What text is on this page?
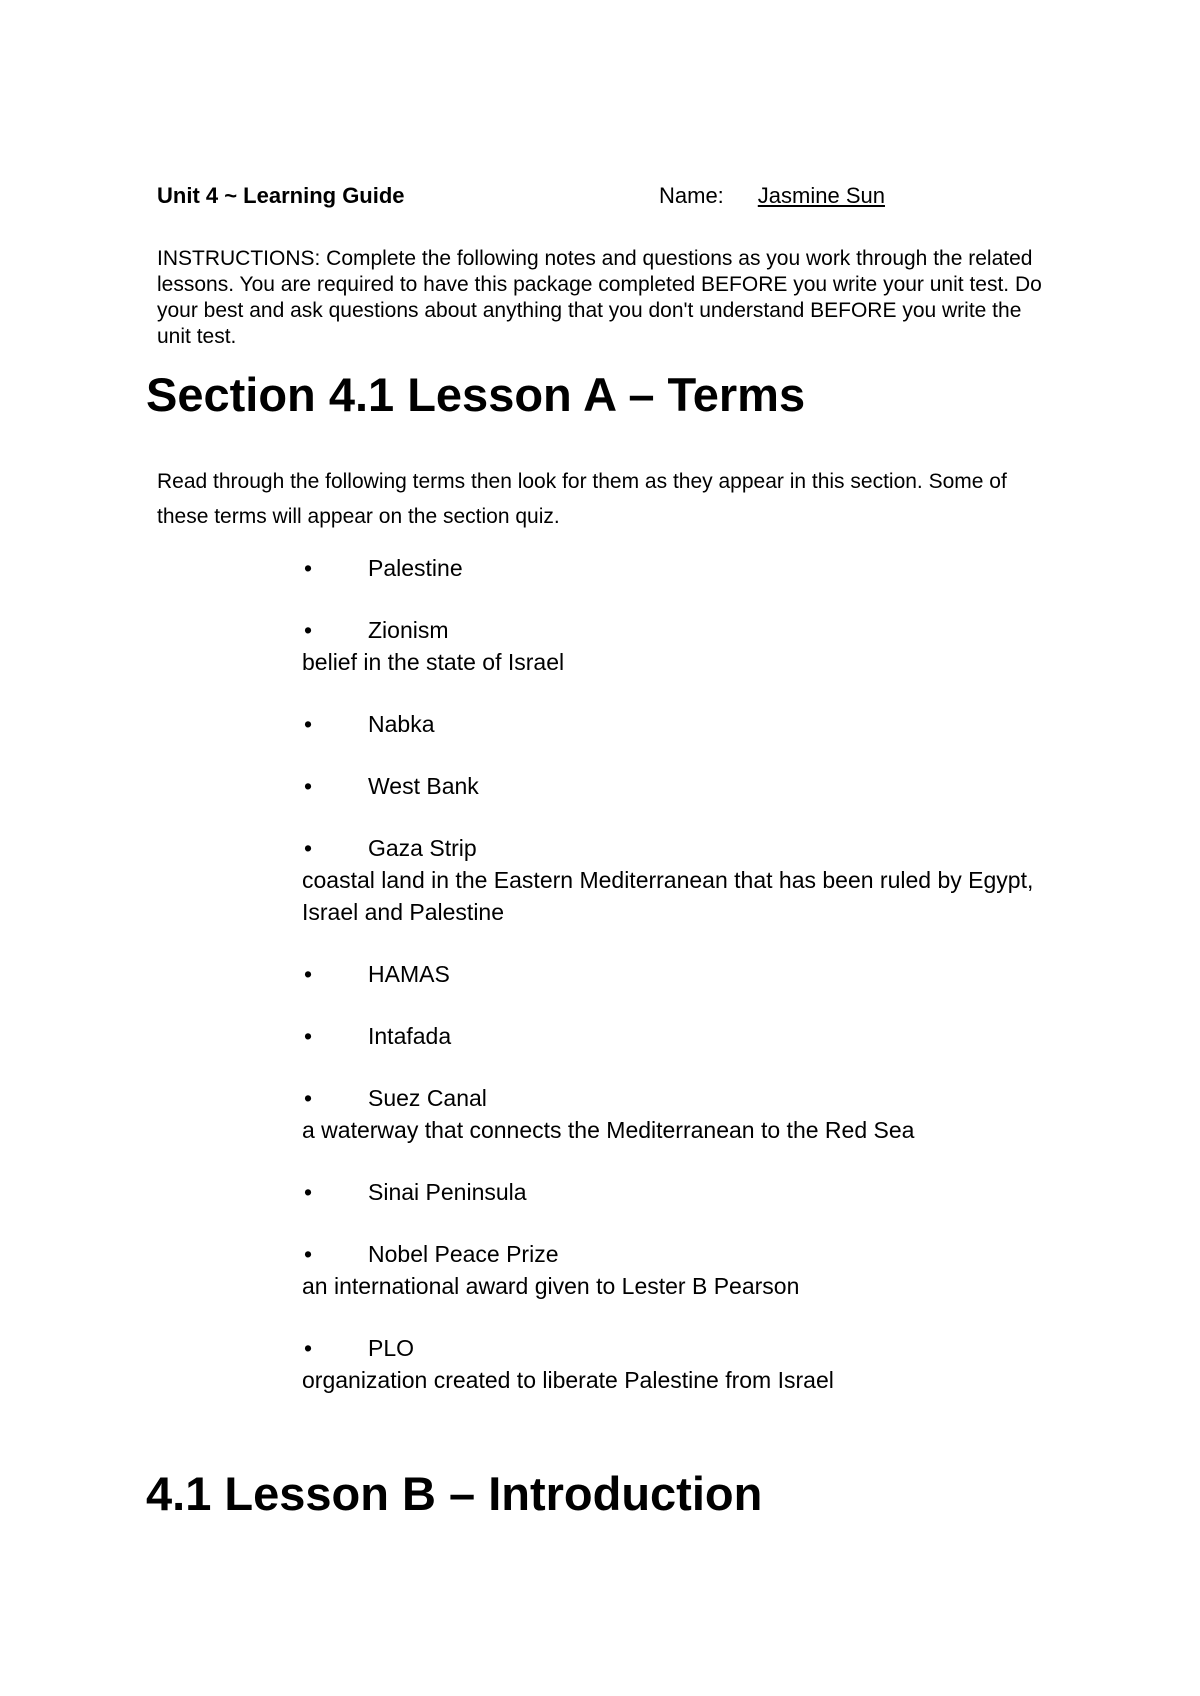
Unit 4 ~ Learning Guide	Name: Jasmine Sun
INSTRUCTIONS: Complete the following notes and questions as you work through the related lessons. You are required to have this package completed BEFORE you write your unit test. Do your best and ask questions about anything that you don't understand BEFORE you write the unit test.
Section 4.1 Lesson A – Terms
Read through the following terms then look for them as they appear in this section. Some of these terms will appear on the section quiz.
•	Palestine
•	Zionism
belief in the state of Israel
•	Nabka
•	West Bank
•	Gaza Strip
coastal land in the Eastern Mediterranean that has been ruled by Egypt, Israel and Palestine
•	HAMAS
•	Intafada
•	Suez Canal
a waterway that connects the Mediterranean to the Red Sea
•	Sinai Peninsula
•	Nobel Peace Prize
an international award given to Lester B Pearson
•	PLO
organization created to liberate Palestine from Israel
4.1 Lesson B – Introduction
